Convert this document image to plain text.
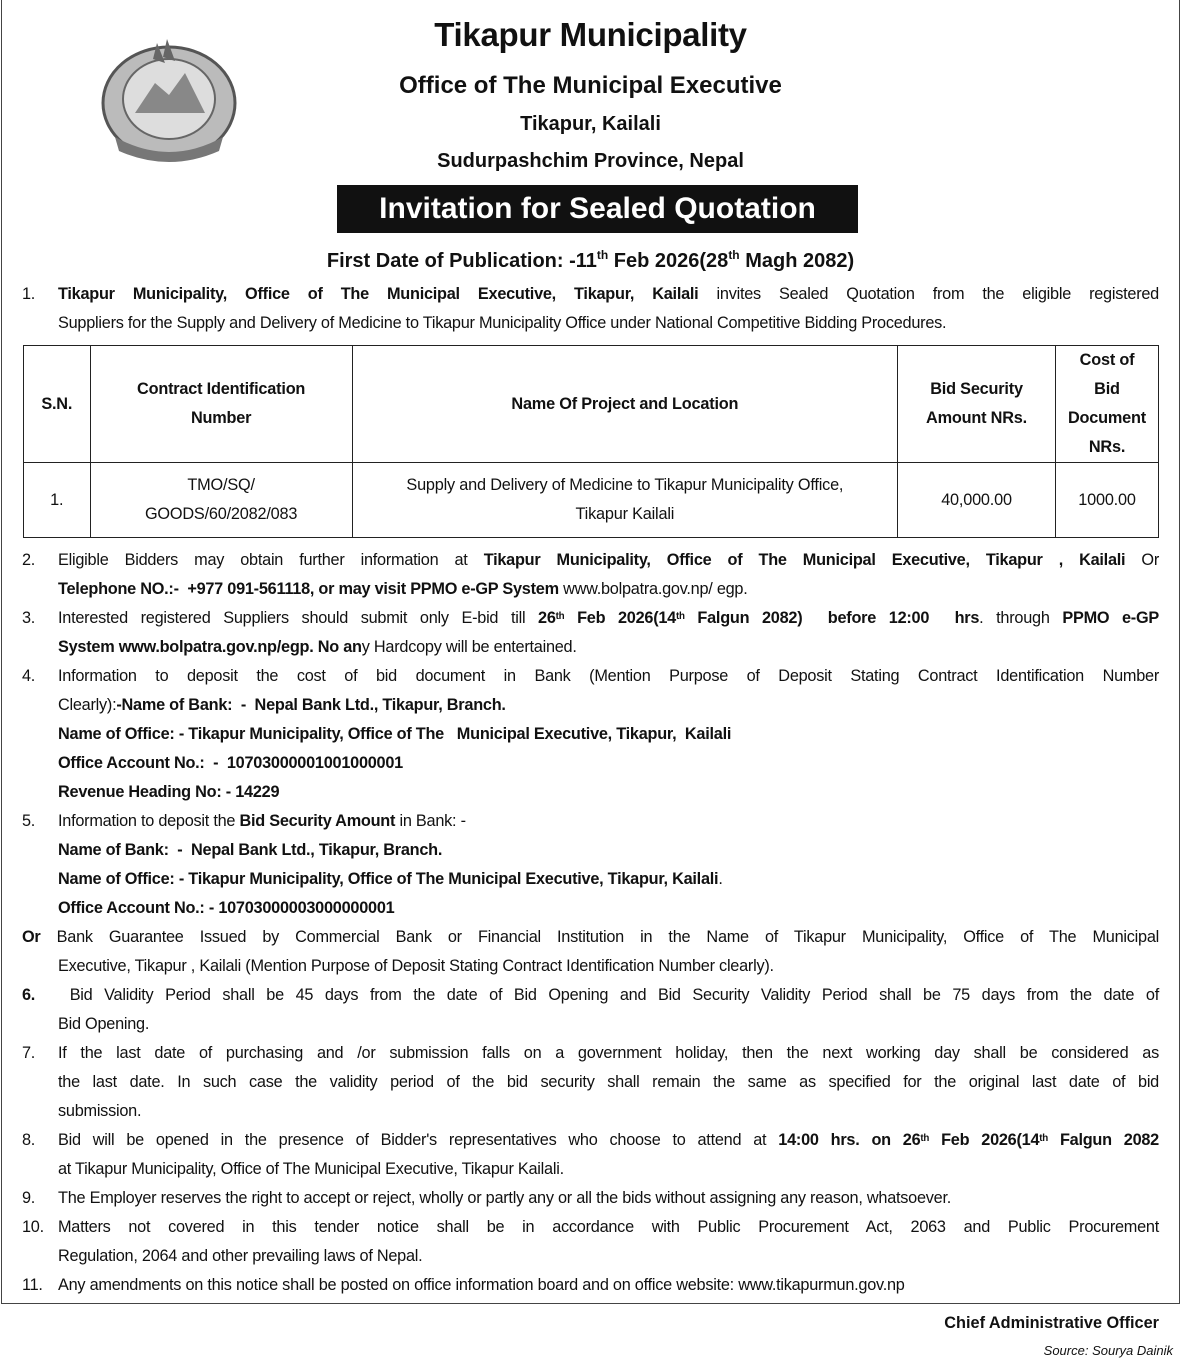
Tikapur Municipality
Office of The Municipal Executive
Tikapur, Kailali
Sudurpashchim Province, Nepal
Invitation for Sealed Quotation
First Date of Publication: -11th Feb 2026(28th Magh 2082)
1. Tikapur Municipality, Office of The Municipal Executive, Tikapur, Kailali invites Sealed Quotation from the eligible registered
Suppliers for the Supply and Delivery of Medicine to Tikapur Municipality Office under National Competitive Bidding Procedures.
S.N.	Contract Identification Number	Name Of Project and Location	Bid Security Amount NRs.	Cost of Bid Document NRs.
1.	TMO/SQ/ GOODS/60/2082/083	Supply and Delivery of Medicine to Tikapur Municipality Office, Tikapur Kailali	40,000.00	1000.00
2. Eligible Bidders may obtain further information at Tikapur Municipality, Office of The Municipal Executive, Tikapur , Kailali Or
Telephone NO.:-  +977 091-561118, or may visit PPMO e-GP System www.bolpatra.gov.np/ egp.
3. Interested registered Suppliers should submit only E-bid till 26th Feb 2026(14th Falgun 2082)  before 12:00  hrs. through PPMO e-GP
System www.bolpatra.gov.np/egp. No any Hardcopy will be entertained.
4. Information to deposit the cost of bid document in Bank (Mention Purpose of Deposit Stating Contract Identification Number
Clearly):-Name of Bank:  -  Nepal Bank Ltd., Tikapur, Branch.
Name of Office: - Tikapur Municipality, Office of The   Municipal Executive, Tikapur,  Kailali
Office Account No.:  -  10703000001001000001
Revenue Heading No: - 14229
5. Information to deposit the Bid Security Amount in Bank: -
Name of Bank:  -  Nepal Bank Ltd., Tikapur, Branch.
Name of Office: - Tikapur Municipality, Office of The Municipal Executive, Tikapur, Kailali.
Office Account No.: - 10703000003000000001
Or Bank Guarantee Issued by Commercial Bank or Financial Institution in the Name of Tikapur Municipality, Office of The Municipal
Executive, Tikapur , Kailali (Mention Purpose of Deposit Stating Contract Identification Number clearly).
6. Bid Validity Period shall be 45 days from the date of Bid Opening and Bid Security Validity Period shall be 75 days from the date of
Bid Opening.
7. If the last date of purchasing and /or submission falls on a government holiday, then the next working day shall be considered as
the last date. In such case the validity period of the bid security shall remain the same as specified for the original last date of bid
submission.
8. Bid will be opened in the presence of Bidder's representatives who choose to attend at 14:00 hrs. on 26th Feb 2026(14th Falgun 2082
at Tikapur Municipality, Office of The Municipal Executive, Tikapur Kailali.
9. The Employer reserves the right to accept or reject, wholly or partly any or all the bids without assigning any reason, whatsoever.
10. Matters not covered in this tender notice shall be in accordance with Public Procurement Act, 2063 and Public Procurement
Regulation, 2064 and other prevailing laws of Nepal.
11. Any amendments on this notice shall be posted on office information board and on office website: www.tikapurmun.gov.np
Chief Administrative Officer
Source: Sourya Dainik
